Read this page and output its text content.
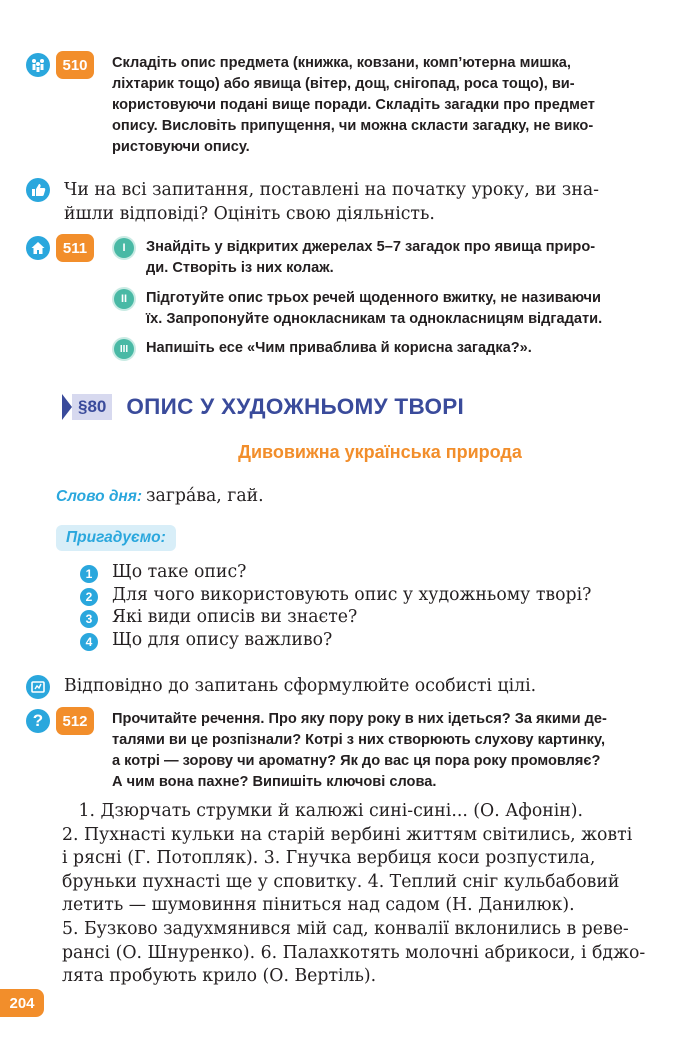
510	Складіть опис предмета (книжка, ковзани, комп’ютерна мишка,
ліхтарик тощо) або явища (вітер, дощ, снігопад, роса тощо), ви-
користовуючи подані вище поради. Складіть загадки про предмет
опису. Висловіть припущення, чи можна скласти загадку, не вико-
ристовуючи опису.
Чи на всі запитання, поставлені на початку уроку, ви зна-
йшли відповіді? Оцініть свою діяльність.
511	I	Знайдіть у відкритих джерелах 5–7 загадок про явища приро-
ди. Створіть із них колаж.
II	Підготуйте опис трьох речей щоденного вжитку, не називаючи
їх. Запропонуйте однокласникам та однокласницям відгадати.
III	Напишіть есе «Чим приваблива й корисна загадка?».
§80 ОПИС У ХУДОЖНЬОМУ ТВОРІ
Дивовижна українська природа
Слово дня: загра́ва, гай.
Пригадуємо:
1	Що таке опис?
2	Для чого використовують опис у художньому творі?
3	Які види описів ви знаєте?
4	Що для опису важливо?
Відповідно до запитань сформулюйте особисті цілі.
?	512	Прочитайте речення. Про яку пору року в них ідеться? За якими де-
талями ви це розпізнали? Котрі з них створюють слухову картинку,
а котрі — зорову чи ароматну? Як до вас ця пора року промовляє?
А чим вона пахне? Випишіть ключові слова.
1. Дзюрчать струмки й калюжі сині-сині... (О. Афонін).
2. Пухнасті кульки на старій вербині життям світились, жовті
і рясні (Г. Потопляк). 3. Гнучка вербиця коси розпустила,
бруньки пухнасті ще у сповитку. 4. Теплий сніг кульбабовий
летить — шумовиння піниться над садом (Н. Данилюк).
5. Бузково задухмянився мій сад, конвалії вклонились в реве-
рансі (О. Шнуренко). 6. Палахкотять молочні абрикоси, і бджо-
лята пробують крило (О. Вертіль).
204
